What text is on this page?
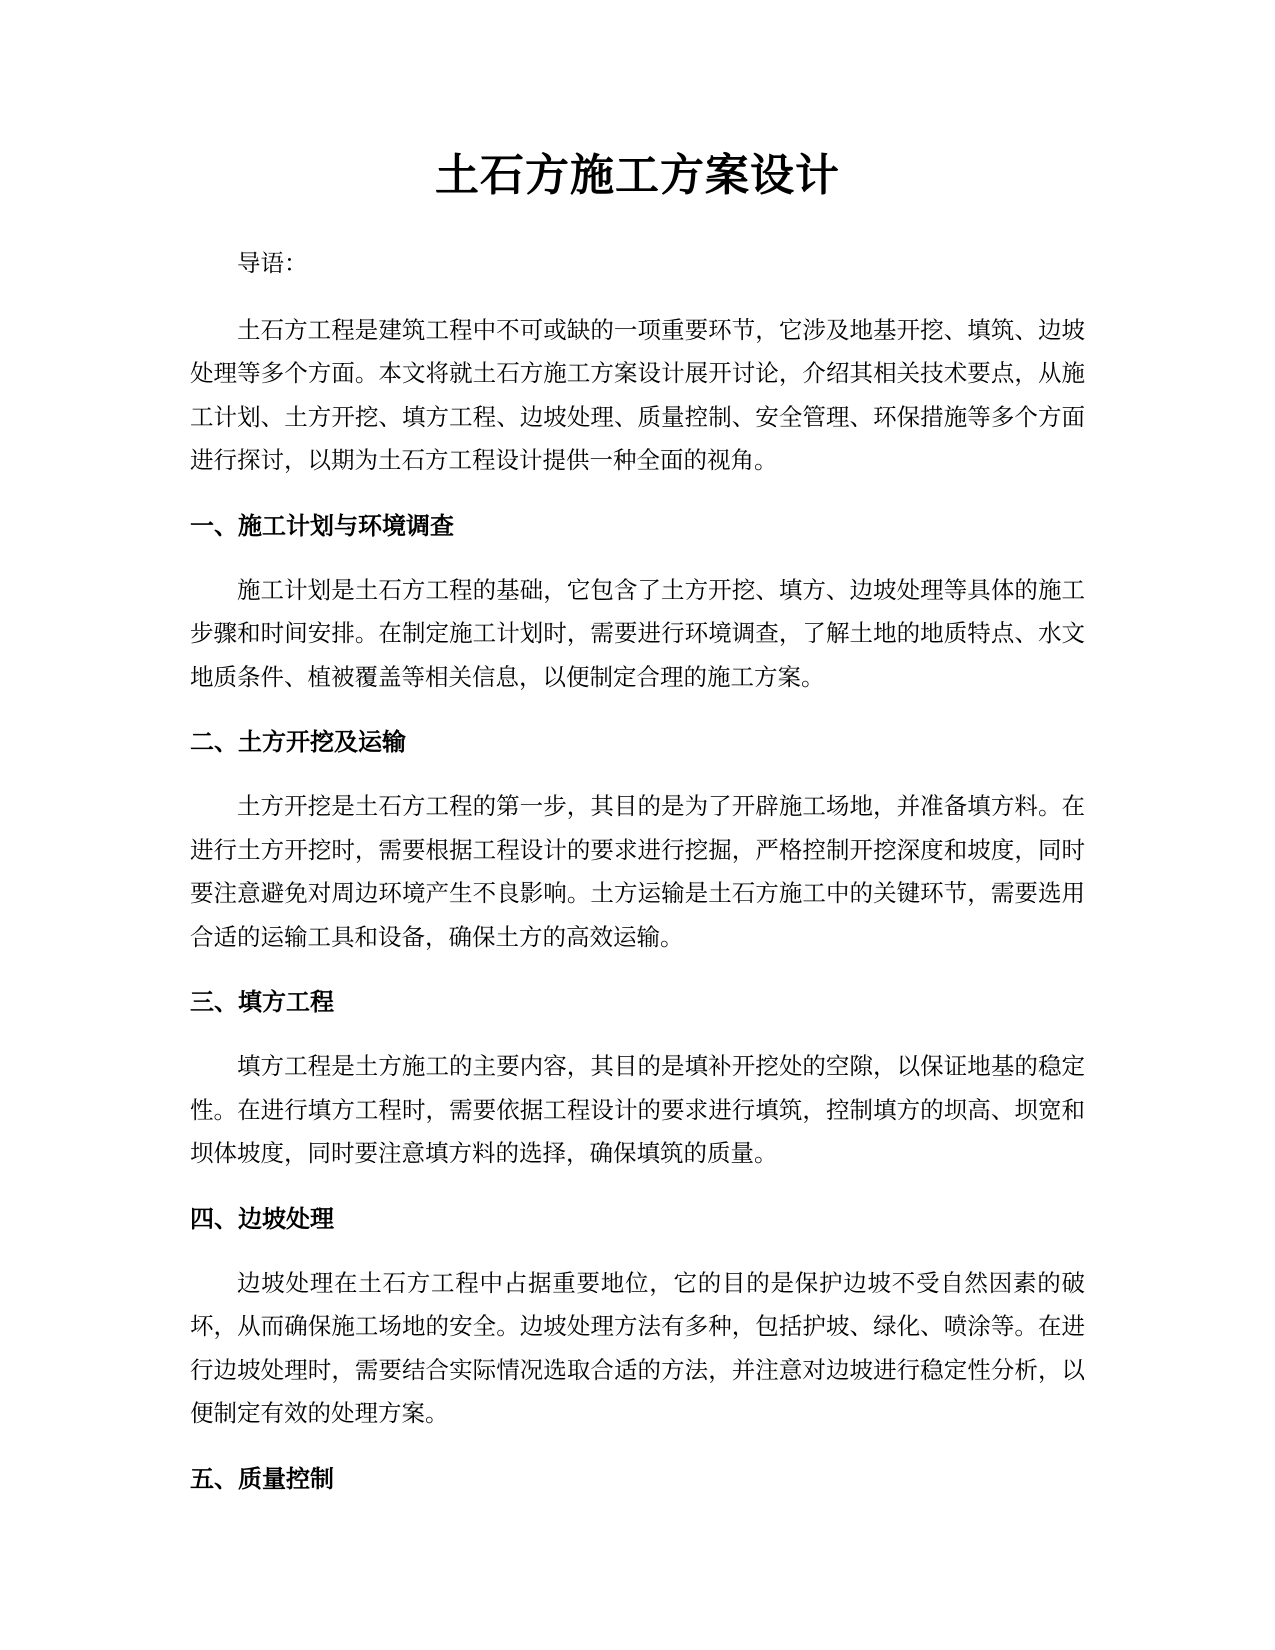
土石方施工方案设计

导语：

土石方工程是建筑工程中不可或缺的一项重要环节，它涉及地基开挖、填筑、边坡处理等多个方面。本文将就土石方施工方案设计展开讨论，介绍其相关技术要点，从施工计划、土方开挖、填方工程、边坡处理、质量控制、安全管理、环保措施等多个方面进行探讨，以期为土石方工程设计提供一种全面的视角。

一、施工计划与环境调查

施工计划是土石方工程的基础，它包含了土方开挖、填方、边坡处理等具体的施工步骤和时间安排。在制定施工计划时，需要进行环境调查，了解土地的地质特点、水文地质条件、植被覆盖等相关信息，以便制定合理的施工方案。

二、土方开挖及运输

土方开挖是土石方工程的第一步，其目的是为了开辟施工场地，并准备填方料。在进行土方开挖时，需要根据工程设计的要求进行挖掘，严格控制开挖深度和坡度，同时要注意避免对周边环境产生不良影响。土方运输是土石方施工中的关键环节，需要选用合适的运输工具和设备，确保土方的高效运输。

三、填方工程

填方工程是土方施工的主要内容，其目的是填补开挖处的空隙，以保证地基的稳定性。在进行填方工程时，需要依据工程设计的要求进行填筑，控制填方的坝高、坝宽和坝体坡度，同时要注意填方料的选择，确保填筑的质量。

四、边坡处理

边坡处理在土石方工程中占据重要地位，它的目的是保护边坡不受自然因素的破坏，从而确保施工场地的安全。边坡处理方法有多种，包括护坡、绿化、喷涂等。在进行边坡处理时，需要结合实际情况选取合适的方法，并注意对边坡进行稳定性分析，以便制定有效的处理方案。

五、质量控制
